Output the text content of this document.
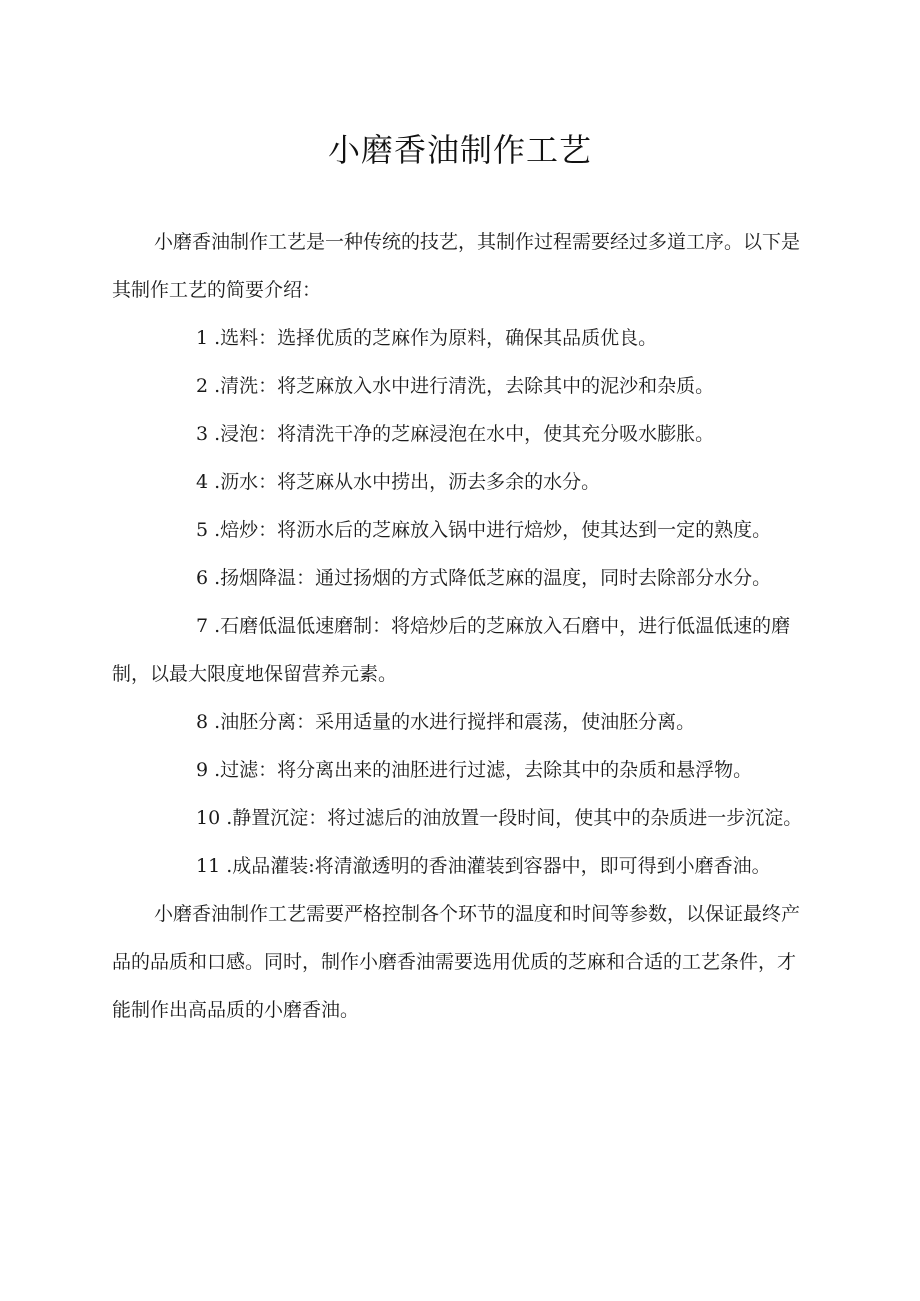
小磨香油制作工艺

小磨香油制作工艺是一种传统的技艺，其制作过程需要经过多道工序。以下是其制作工艺的简要介绍：

1 .选料：选择优质的芝麻作为原料，确保其品质优良。

2 .清洗：将芝麻放入水中进行清洗，去除其中的泥沙和杂质。

3 .浸泡：将清洗干净的芝麻浸泡在水中，使其充分吸水膨胀。

4 .沥水：将芝麻从水中捞出，沥去多余的水分。

5 .焙炒：将沥水后的芝麻放入锅中进行焙炒，使其达到一定的熟度。

6 .扬烟降温：通过扬烟的方式降低芝麻的温度，同时去除部分水分。

7 .石磨低温低速磨制：将焙炒后的芝麻放入石磨中，进行低温低速的磨制，以最大限度地保留营养元素。

8 .油胚分离：采用适量的水进行搅拌和震荡，使油胚分离。

9 .过滤：将分离出来的油胚进行过滤，去除其中的杂质和悬浮物。

10 .静置沉淀：将过滤后的油放置一段时间，使其中的杂质进一步沉淀。

11 .成品灌装:将清澈透明的香油灌装到容器中，即可得到小磨香油。

小磨香油制作工艺需要严格控制各个环节的温度和时间等参数，以保证最终产品的品质和口感。同时，制作小磨香油需要选用优质的芝麻和合适的工艺条件，才能制作出高品质的小磨香油。
